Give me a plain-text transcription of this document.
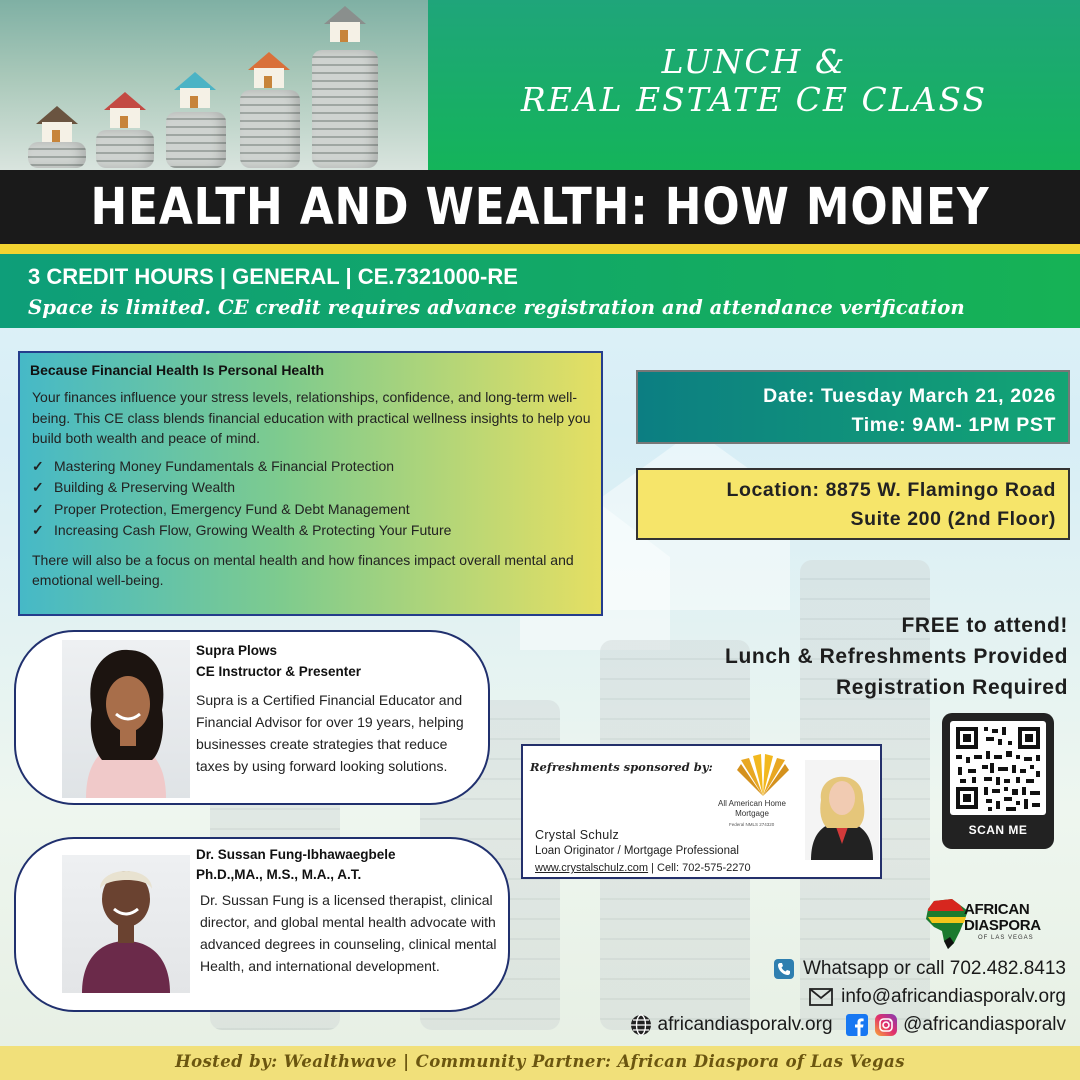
LUNCH &
REAL ESTATE CE CLASS
HEALTH AND WEALTH: HOW MONEY
3 CREDIT HOURS | GENERAL | CE.7321000-RE
Space is limited. CE credit requires advance registration and attendance verification
Because Financial Health Is Personal Health
Your finances influence your stress levels, relationships, confidence, and long-term well-being. This CE class blends financial education with practical wellness insights to help you build both wealth and peace of mind.
✓ Mastering Money Fundamentals & Financial Protection
✓ Building & Preserving Wealth
✓ Proper Protection, Emergency Fund & Debt Management
✓ Increasing Cash Flow, Growing Wealth & Protecting Your Future
There will also be a focus on mental health and how finances impact overall mental and emotional well-being.
Date: Tuesday March 21, 2026
Time: 9AM- 1PM PST
Location: 8875 W. Flamingo Road
Suite 200 (2nd Floor)
FREE to attend!
Lunch & Refreshments Provided
Registration Required
Supra Plows
CE Instructor & Presenter
Supra is a Certified Financial Educator and Financial Advisor for over 19 years, helping businesses create strategies that reduce taxes by using forward looking solutions.
Dr. Sussan Fung-Ibhawaegbele
Ph.D.,MA., M.S., M.A., A.T.
Dr. Sussan Fung is a licensed therapist, clinical director, and global mental health advocate with advanced degrees in counseling, clinical mental Health, and international development.
Refreshments sponsored by:
All American Home Mortgage
Federal NMLS 274320
Crystal Schulz
Loan Originator / Mortgage Professional
www.crystalschulz.com | Cell: 702-575-2270
SCAN ME
AFRICAN
DIASPORA
OF LAS VEGAS
Whatsapp or call 702.482.8413
info@africandiasporalv.org
africandiasporalv.org	@africandiasporalv
Hosted by: Wealthwave | Community Partner: African Diaspora of Las Vegas
